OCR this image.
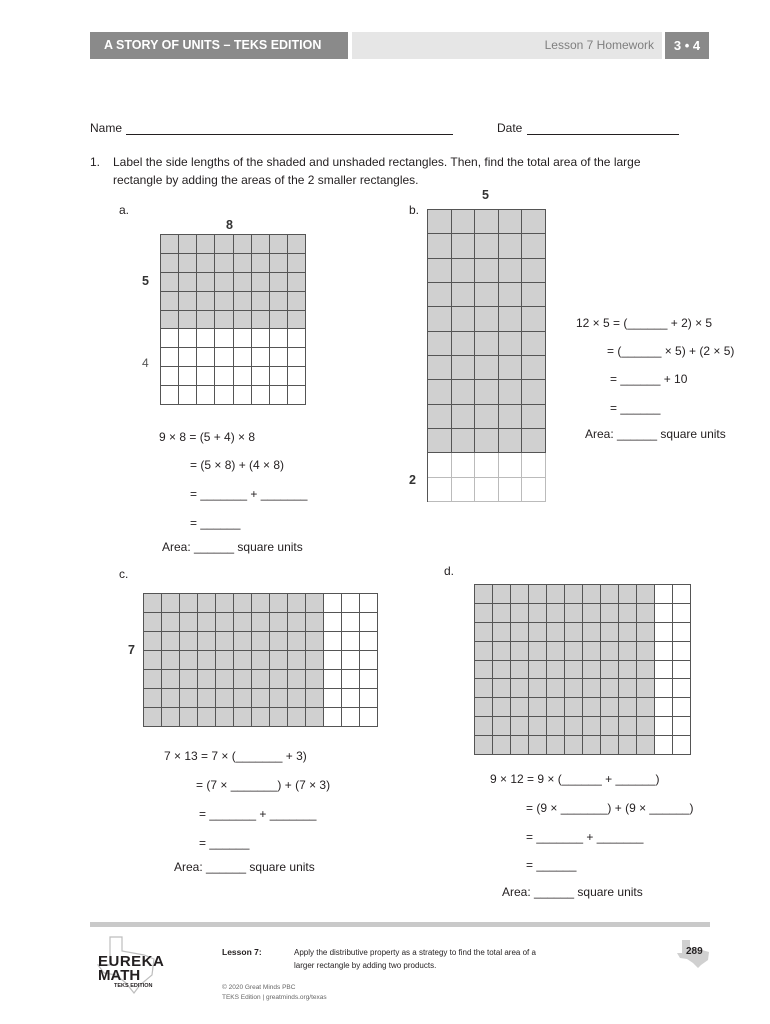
A STORY OF UNITS – TEKS EDITION	Lesson 7 Homework	3 • 4
Name	Date
1. Label the side lengths of the shaded and unshaded rectangles. Then, find the total area of the large
rectangle by adding the areas of the 2 smaller rectangles.
a.
8
5
4
9 × 8 = (5 + 4) × 8
= (5 × 8) + (4 × 8)
= _______ + _______
= ______
Area: ______ square units
b.
5
2
12 × 5 = (______ + 2) × 5
= (______ × 5) + (2 × 5)
= ______ + 10
= ______
Area: ______ square units
c.
7
7 × 13 = 7 × (_______ + 3)
= (7 × _______) + (7 × 3)
= _______ + _______
= ______
Area: ______ square units
d.
9 × 12 = 9 × (______ + ______)
= (9 × _______) + (9 × ______)
= _______ + _______
= ______
Area: ______ square units
EUREKA
MATH
TEKS EDITION
Lesson 7:	Apply the distributive property as a strategy to find the total area of a
larger rectangle by adding two products.
289
© 2020 Great Minds PBC
TEKS Edition | greatminds.org/texas
